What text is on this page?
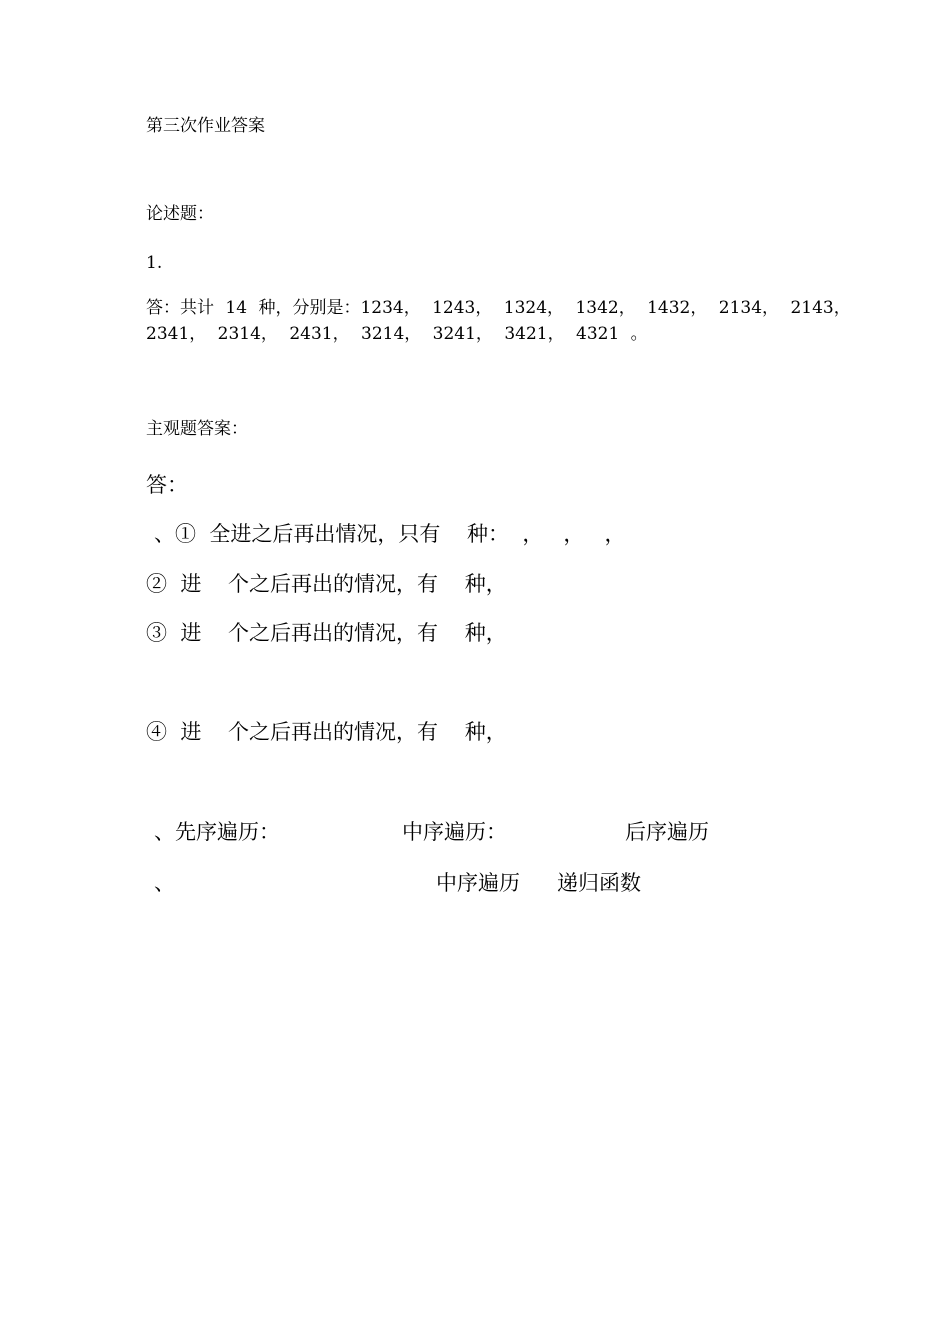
第三次作业答案
论述题：
1.
答：共计 14 种，分别是：1234， 1243， 1324， 1342， 1432， 2134， 2143，
2341， 2314， 2431， 3214， 3241， 3421， 4321 。
主观题答案：
答：
、①  全进之后再出情况，只有    种：  ，   ，   ，
②  进    个之后再出的情况，有    种，
③  进    个之后再出的情况，有    种，
④  进    个之后再出的情况，有    种，
、先序遍历：	中序遍历：	后序遍历
、	中序遍历 递归函数
